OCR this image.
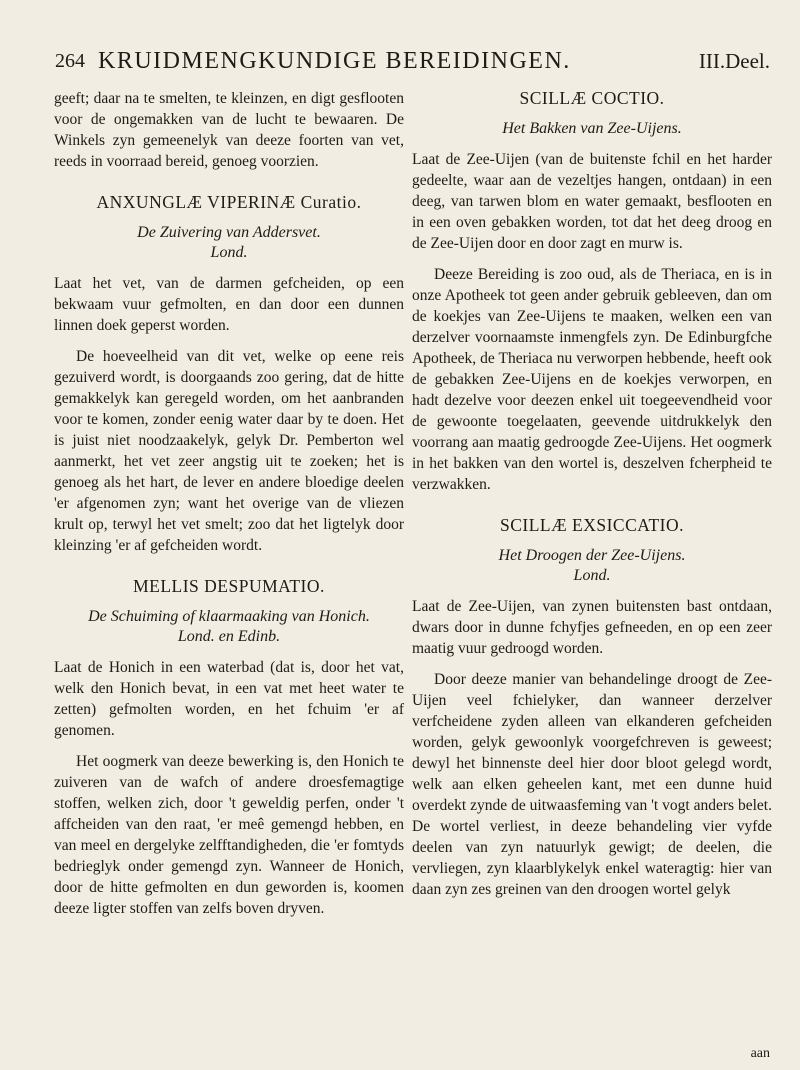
264 KRUIDMENGKUNDIGE BEREIDINGEN.	III.Deel.

geeft; daar na te smelten, te kleinzen, en digt gesflooten voor de ongemakken van de lucht te bewaaren. De Winkels zyn gemeenelyk van deeze foorten van vet, reeds in voorraad bereid, genoeg voorzien.

ANXUNGLÆ VIPERINÆ Curatio.

De Zuivering van Addersvet.

Lond.

Laat het vet, van de darmen gefcheiden, op een bekwaam vuur gefmolten, en dan door een dunnen linnen doek geperst worden.

De hoeveelheid van dit vet, welke op eene reis gezuiverd wordt, is doorgaands zoo gering, dat de hitte gemakkelyk kan geregeld worden, om het aanbranden voor te komen, zonder eenig water daar by te doen. Het is juist niet noodzaakelyk, gelyk Dr. Pemberton wel aanmerkt, het vet zeer angstig uit te zoeken; het is genoeg als het hart, de lever en andere bloedige deelen 'er afgenomen zyn; want het overige van de vliezen krult op, terwyl het vet smelt; zoo dat het ligtelyk door kleinzing 'er af gefcheiden wordt.

MELLIS DESPUMATIO.

De Schuiming of klaarmaaking van Honich.

Lond. en Edinb.

Laat de Honich in een waterbad (dat is, door het vat, welk den Honich bevat, in een vat met heet water te zetten) gefmolten worden, en het fchuim 'er af genomen.

Het oogmerk van deeze bewerking is, den Honich te zuiveren van de wafch of andere droesfemagtige stoffen, welken zich, door 't geweldig perfen, onder 't affcheiden van den raat, 'er meê gemengd hebben, en van meel en dergelyke zelfftandigheden, die 'er fomtyds bedrieglyk onder gemengd zyn. Wanneer de Honich, door de hitte gefmolten en dun geworden is, koomen deeze ligter stoffen van zelfs boven dryven.

SCILLÆ COCTIO.

Het Bakken van Zee-Uijens.

Laat de Zee-Uijen (van de buitenste fchil en het harder gedeelte, waar aan de vezeltjes hangen, ontdaan) in een deeg, van tarwen blom en water gemaakt, besflooten en in een oven gebakken worden, tot dat het deeg droog en de Zee-Uijen door en door zagt en murw is.

Deeze Bereiding is zoo oud, als de Theriaca, en is in onze Apotheek tot geen ander gebruik gebleeven, dan om de koekjes van Zee-Uijens te maaken, welken een van derzelver voornaamste inmengfels zyn. De Edinburgfche Apotheek, de Theriaca nu verworpen hebbende, heeft ook de gebakken Zee-Uijens en de koekjes verworpen, en hadt dezelve voor deezen enkel uit toegeevendheid voor de gewoonte toegelaaten, geevende uitdrukkelyk den voorrang aan maatig gedroogde Zee-Uijens. Het oogmerk in het bakken van den wortel is, deszelven fcherpheid te verzwakken.

SCILLÆ EXSICCATIO.

Het Droogen der Zee-Uijens.

Lond.

Laat de Zee-Uijen, van zynen buitensten bast ontdaan, dwars door in dunne fchyfjes gefneeden, en op een zeer maatig vuur gedroogd worden.

Door deeze manier van behandelinge droogt de Zee-Uijen veel fchielyker, dan wanneer derzelver verfcheidene zyden alleen van elkanderen gefcheiden worden, gelyk gewoonlyk voorgefchreven is geweest; dewyl het binnenste deel hier door bloot gelegd wordt, welk aan elken geheelen kant, met een dunne huid overdekt zynde de uitwaasfeming van 't vogt anders belet. De wortel verliest, in deeze behandeling vier vyfde deelen van zyn natuurlyk gewigt; de deelen, die vervliegen, zyn klaarblykelyk enkel wateragtig: hier van daan zyn zes greinen van den droogen wortel gelyk

aan
